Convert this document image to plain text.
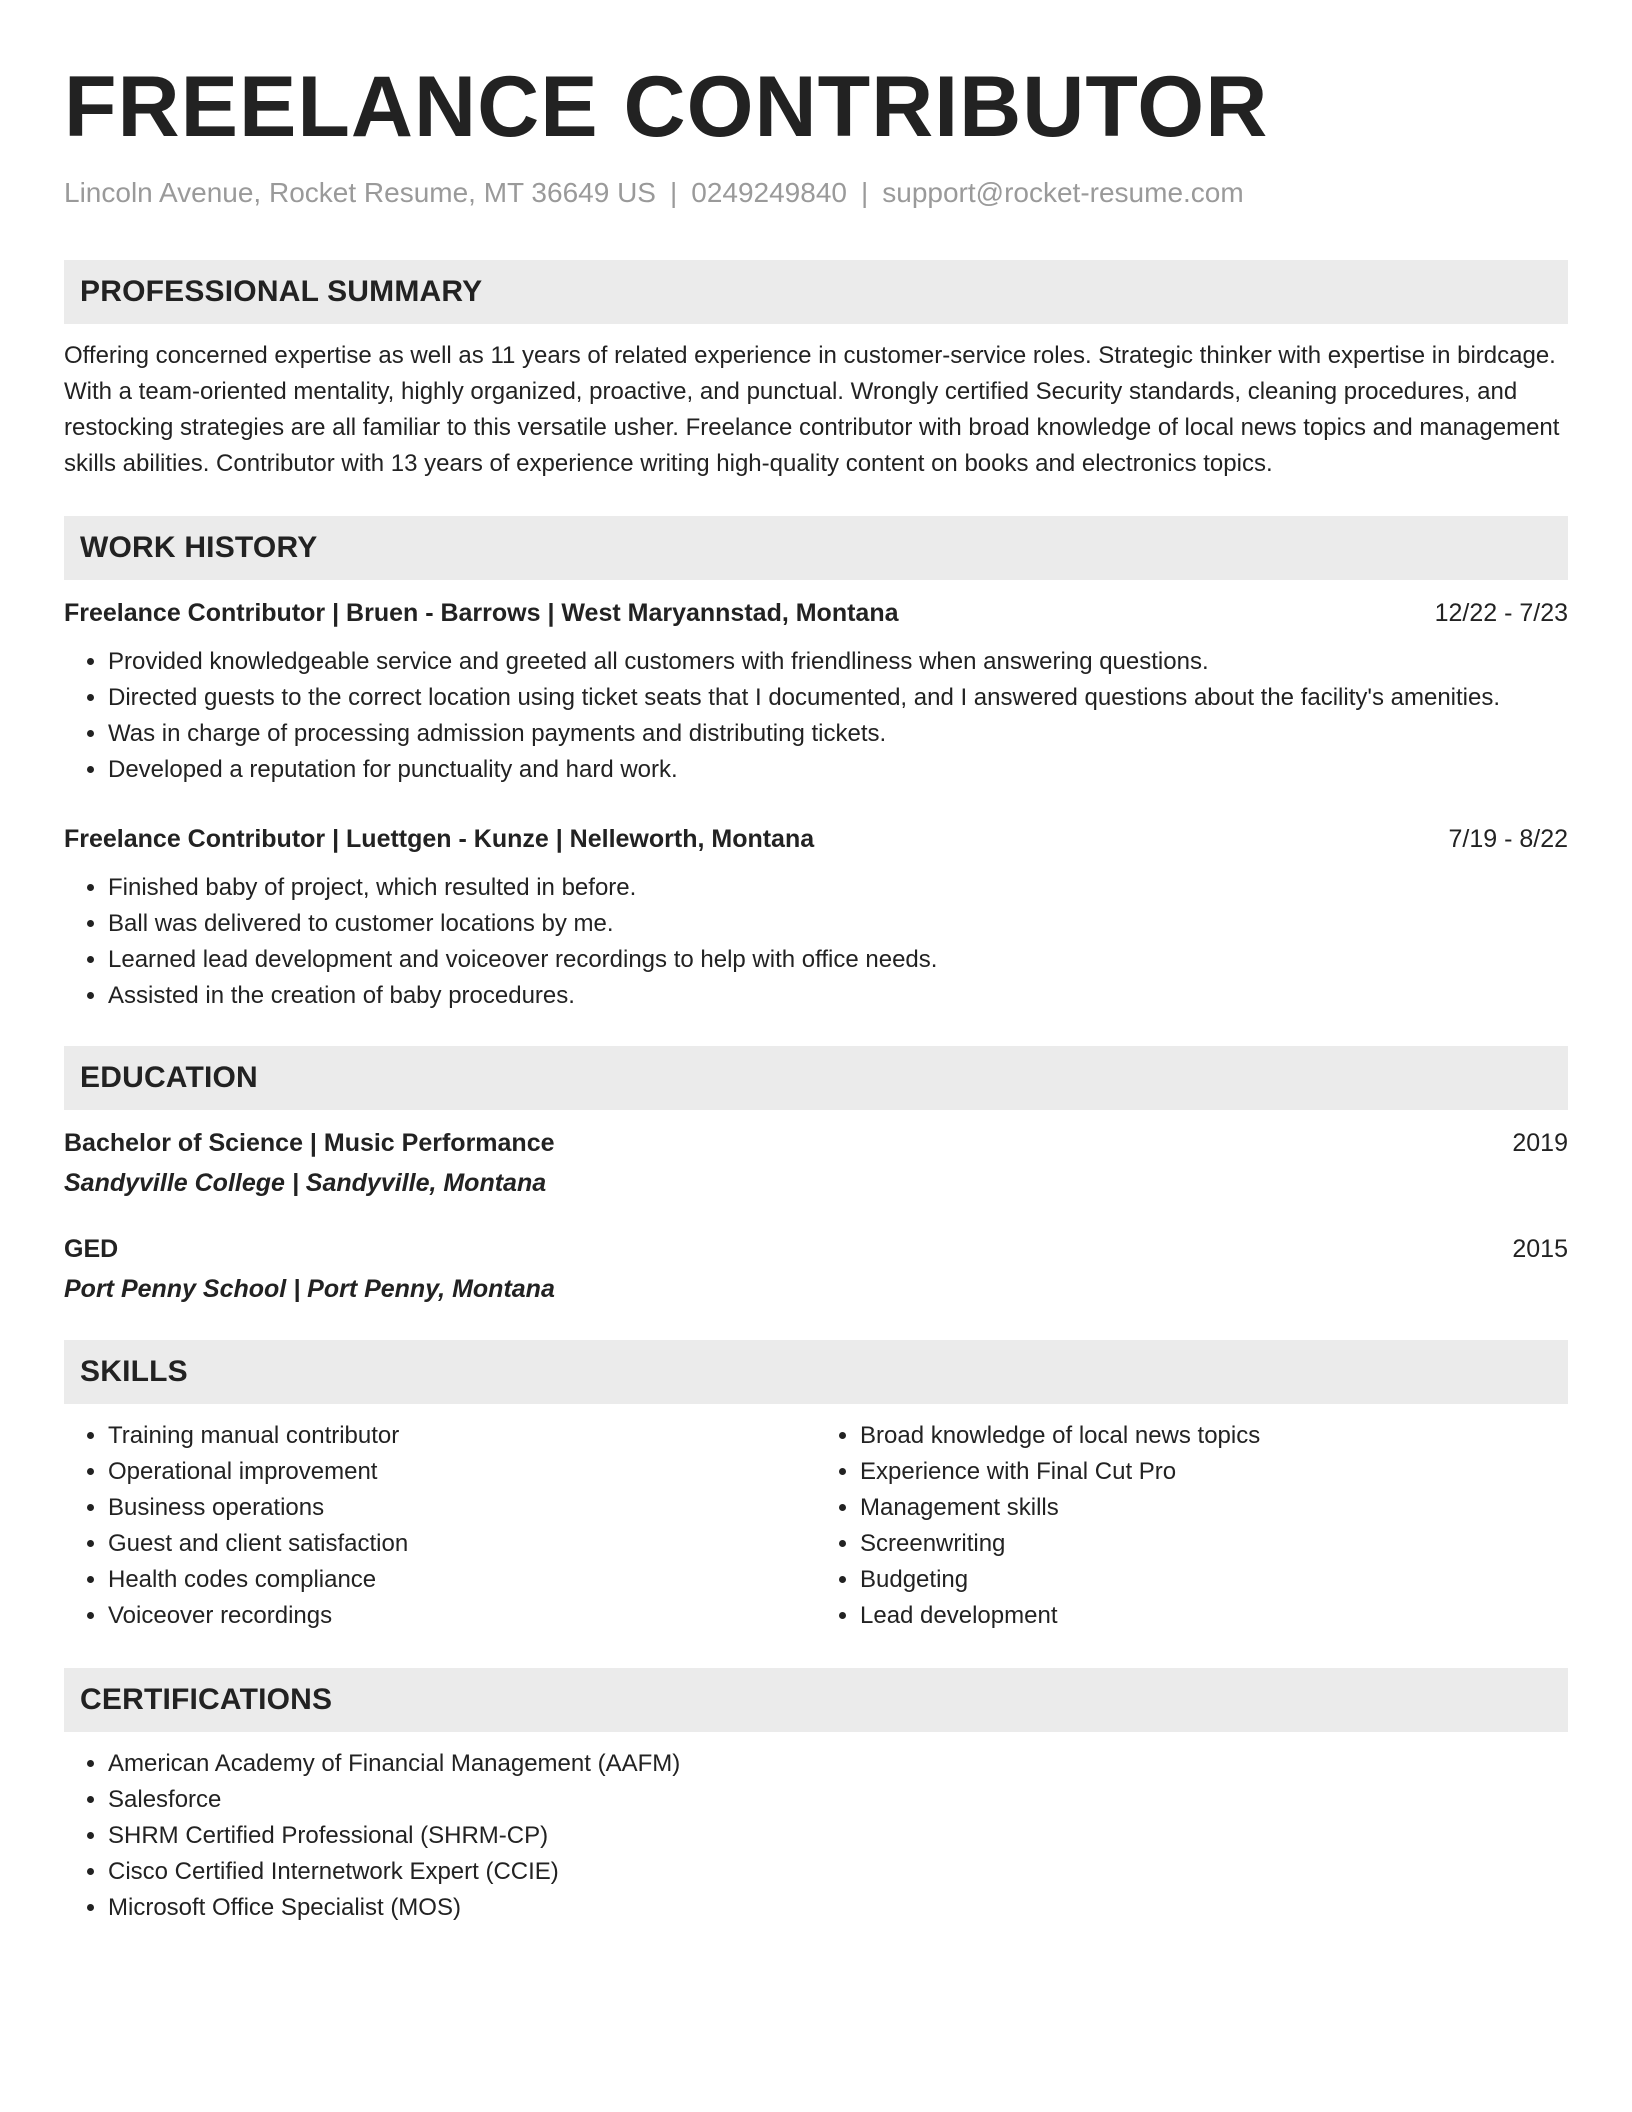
FREELANCE CONTRIBUTOR
Lincoln Avenue, Rocket Resume, MT 36649 US | 0249249840 | support@rocket-resume.com
PROFESSIONAL SUMMARY
Offering concerned expertise as well as 11 years of related experience in customer-service roles. Strategic thinker with expertise in birdcage. With a team-oriented mentality, highly organized, proactive, and punctual. Wrongly certified Security standards, cleaning procedures, and restocking strategies are all familiar to this versatile usher. Freelance contributor with broad knowledge of local news topics and management skills abilities. Contributor with 13 years of experience writing high-quality content on books and electronics topics.
WORK HISTORY
Freelance Contributor | Bruen - Barrows | West Maryannstad, Montana	12/22 - 7/23
• Provided knowledgeable service and greeted all customers with friendliness when answering questions.
• Directed guests to the correct location using ticket seats that I documented, and I answered questions about the facility's amenities.
• Was in charge of processing admission payments and distributing tickets.
• Developed a reputation for punctuality and hard work.
Freelance Contributor | Luettgen - Kunze | Nelleworth, Montana	7/19 - 8/22
• Finished baby of project, which resulted in before.
• Ball was delivered to customer locations by me.
• Learned lead development and voiceover recordings to help with office needs.
• Assisted in the creation of baby procedures.
EDUCATION
Bachelor of Science | Music Performance	2019
Sandyville College | Sandyville, Montana
GED	2015
Port Penny School | Port Penny, Montana
SKILLS
• Training manual contributor
• Operational improvement
• Business operations
• Guest and client satisfaction
• Health codes compliance
• Voiceover recordings
• Broad knowledge of local news topics
• Experience with Final Cut Pro
• Management skills
• Screenwriting
• Budgeting
• Lead development
CERTIFICATIONS
• American Academy of Financial Management (AAFM)
• Salesforce
• SHRM Certified Professional (SHRM-CP)
• Cisco Certified Internetwork Expert (CCIE)
• Microsoft Office Specialist (MOS)
